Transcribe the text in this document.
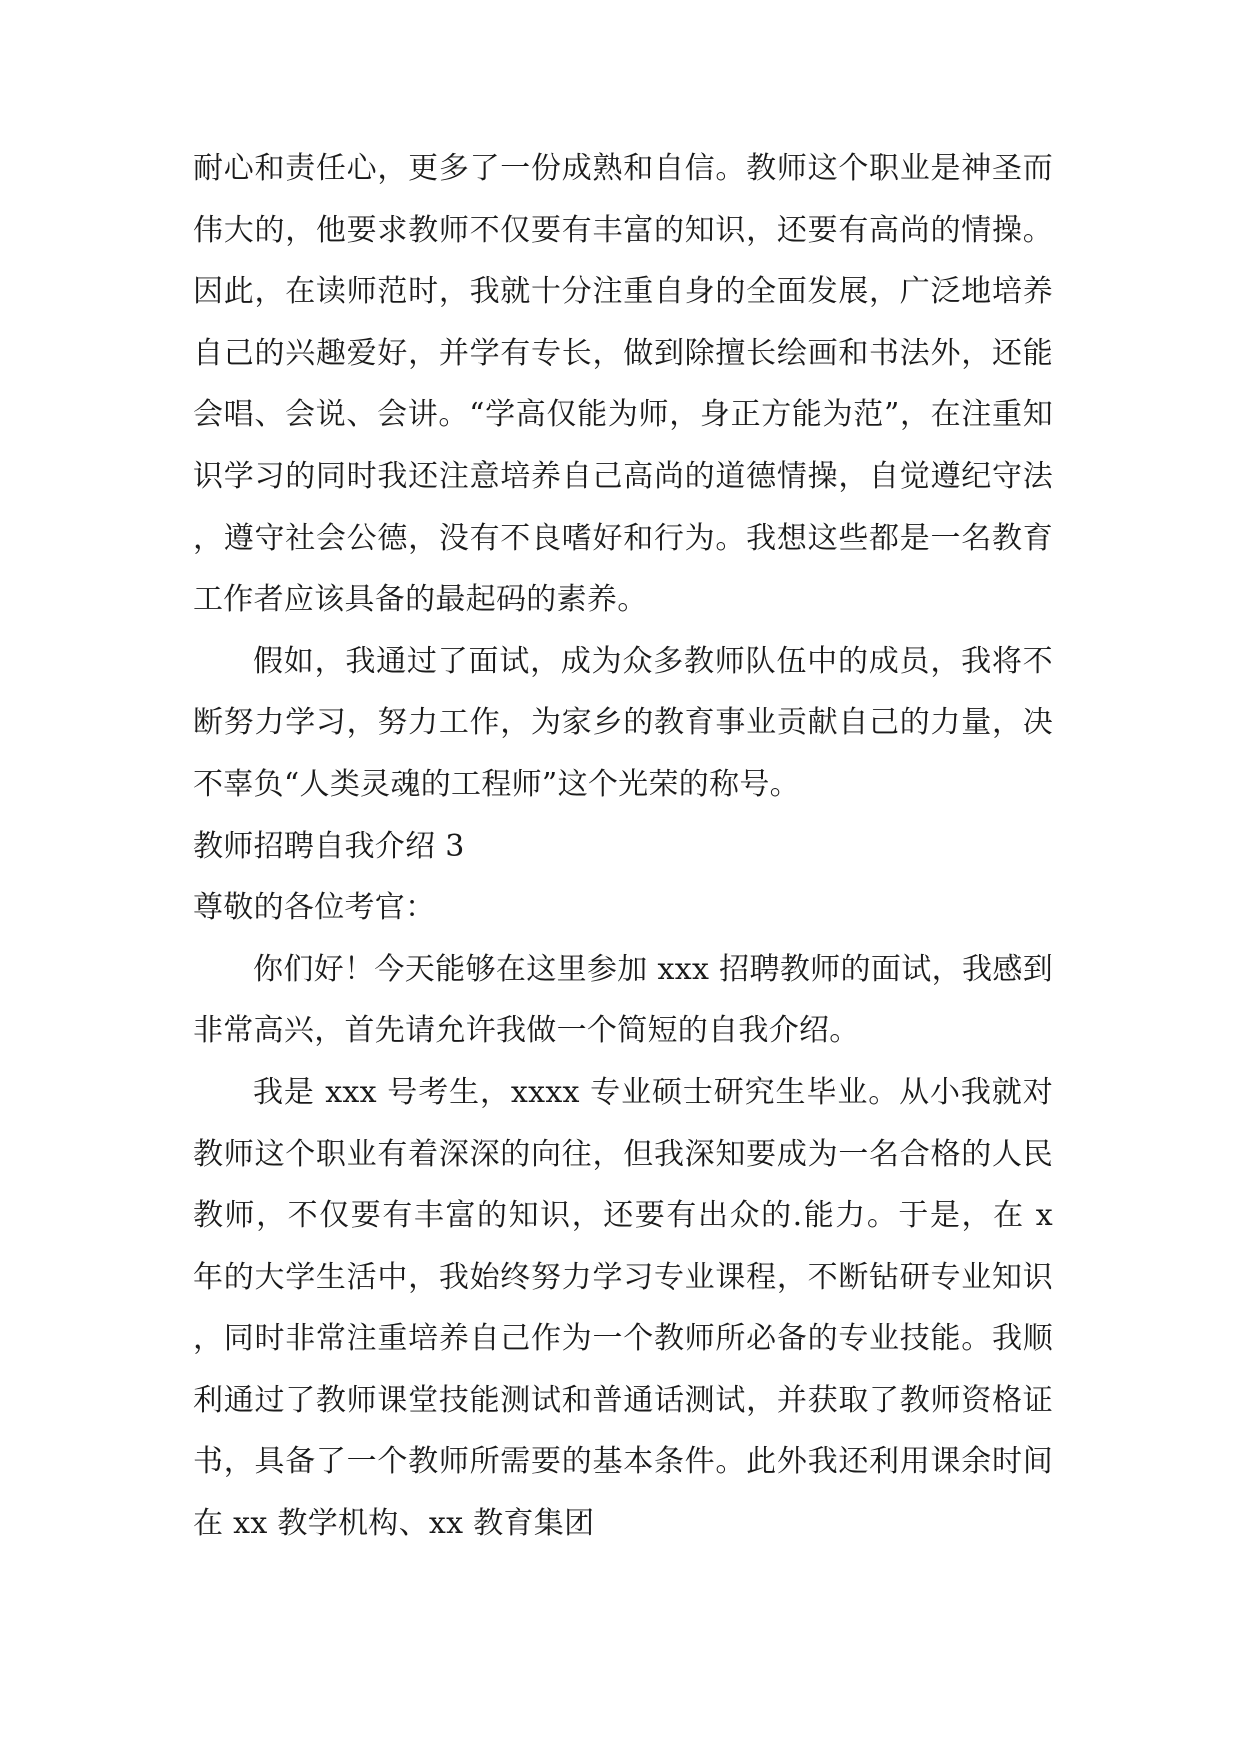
耐心和责任心，更多了一份成熟和自信。教师这个职业是神圣而伟大的，他要求教师不仅要有丰富的知识，还要有高尚的情操。因此，在读师范时，我就十分注重自身的全面发展，广泛地培养自己的兴趣爱好，并学有专长，做到除擅长绘画和书法外，还能会唱、会说、会讲。“学高仅能为师，身正方能为范”，在注重知识学习的同时我还注意培养自己高尚的道德情操，自觉遵纪守法，遵守社会公德，没有不良嗜好和行为。我想这些都是一名教育工作者应该具备的最起码的素养。

假如，我通过了面试，成为众多教师队伍中的成员，我将不断努力学习，努力工作，为家乡的教育事业贡献自己的力量，决不辜负“人类灵魂的工程师”这个光荣的称号。

教师招聘自我介绍 3

尊敬的各位考官：

你们好！今天能够在这里参加 xxx 招聘教师的面试，我感到非常高兴，首先请允许我做一个简短的自我介绍。

我是 xxx 号考生，xxxx 专业硕士研究生毕业。从小我就对教师这个职业有着深深的向往，但我深知要成为一名合格的人民教师，不仅要有丰富的知识，还要有出众的.能力。于是，在 x 年的大学生活中，我始终努力学习专业课程，不断钻研专业知识，同时非常注重培养自己作为一个教师所必备的专业技能。我顺利通过了教师课堂技能测试和普通话测试，并获取了教师资格证书，具备了一个教师所需要的基本条件。此外我还利用课余时间在 xx 教学机构、xx 教育集团
